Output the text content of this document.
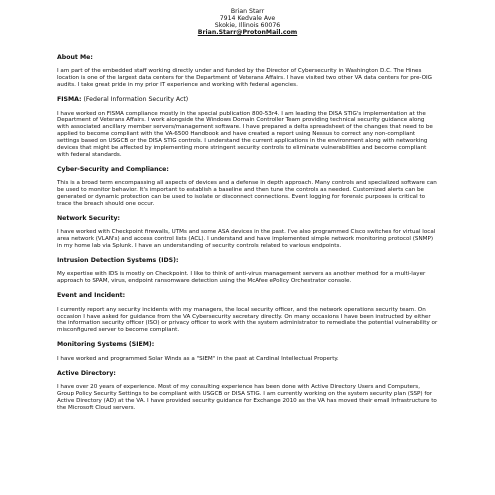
Brian Starr
7914 Kedvale Ave
Skokie, Illinois 60076
Brian.Starr@ProtonMail.com
About Me:
I am part of the embedded staff working directly under and funded by the Director of Cybersecurity in Washington D.C. The Hines location is one of the largest data centers for the Department of Veterans Affairs. I have visited two other VA data centers for pre-OIG audits. I take great pride in my prior IT experience and working with federal agencies.
FISMA: (Federal Information Security Act)
I have worked on FISMA compliance mostly in the special publication 800-53r4. I am leading the DISA STIG's implementation at the Department of Veterans Affairs. I work alongside the Windows Domain Controller Team providing technical security guidance along with associated ancillary member servers/management software. I have prepared a delta spreadsheet of the changes that need to be applied to become compliant with the VA-6500 Handbook and have created a report using Nessus to correct any non-compliant settings based on USGCB or the DISA STIG controls. I understand the current applications in the environment along with networking devices that might be affected by implementing more stringent security controls to eliminate vulnerabilities and become compliant with federal standards.
Cyber-Security and Compliance:
This is a broad term encompassing all aspects of devices and a defense in depth approach. Many controls and specialized software can be used to monitor behavior. It's important to establish a baseline and then tune the controls as needed. Customized alerts can be generated or dynamic protection can be used to isolate or disconnect connections. Event logging for forensic purposes is critical to trace the breach should one occur.
Network Security:
I have worked with Checkpoint firewalls, UTMs and some ASA devices in the past. I've also programmed Cisco switches for virtual local area network (VLAN's) and access control lists (ACL). I understand and have implemented simple network monitoring protocol (SNMP) in my home lab via Splunk. I have an understanding of security controls related to various endpoints.
Intrusion Detection Systems (IDS):
My expertise with IDS is mostly on Checkpoint. I like to think of anti-virus management servers as another method for a multi-layer approach to SPAM, virus, endpoint ransomware detection using the McAfee ePolicy Orchestrator console.
Event and Incident:
I currently report any security incidents with my managers, the local security officer, and the network operations security team. On occasion I have asked for guidance from the VA Cybersecurity secretary directly. On many occasions I have been instructed by either the information security officer (ISO) or privacy officer to work with the system administrator to remediate the potential vulnerability or misconfigured server to become compliant.
Monitoring Systems (SIEM):
I have worked and programmed Solar Winds as a "SIEM" in the past at Cardinal Intellectual Property.
Active Directory:
I have over 20 years of experience. Most of my consulting experience has been done with Active Directory Users and Computers, Group Policy Security Settings to be compliant with USGCB or DISA STIG. I am currently working on the system security plan (SSP) for Active Directory (AD) at the VA. I have provided security guidance for Exchange 2010 as the VA has moved their email infrastructure to the Microsoft Cloud servers.
